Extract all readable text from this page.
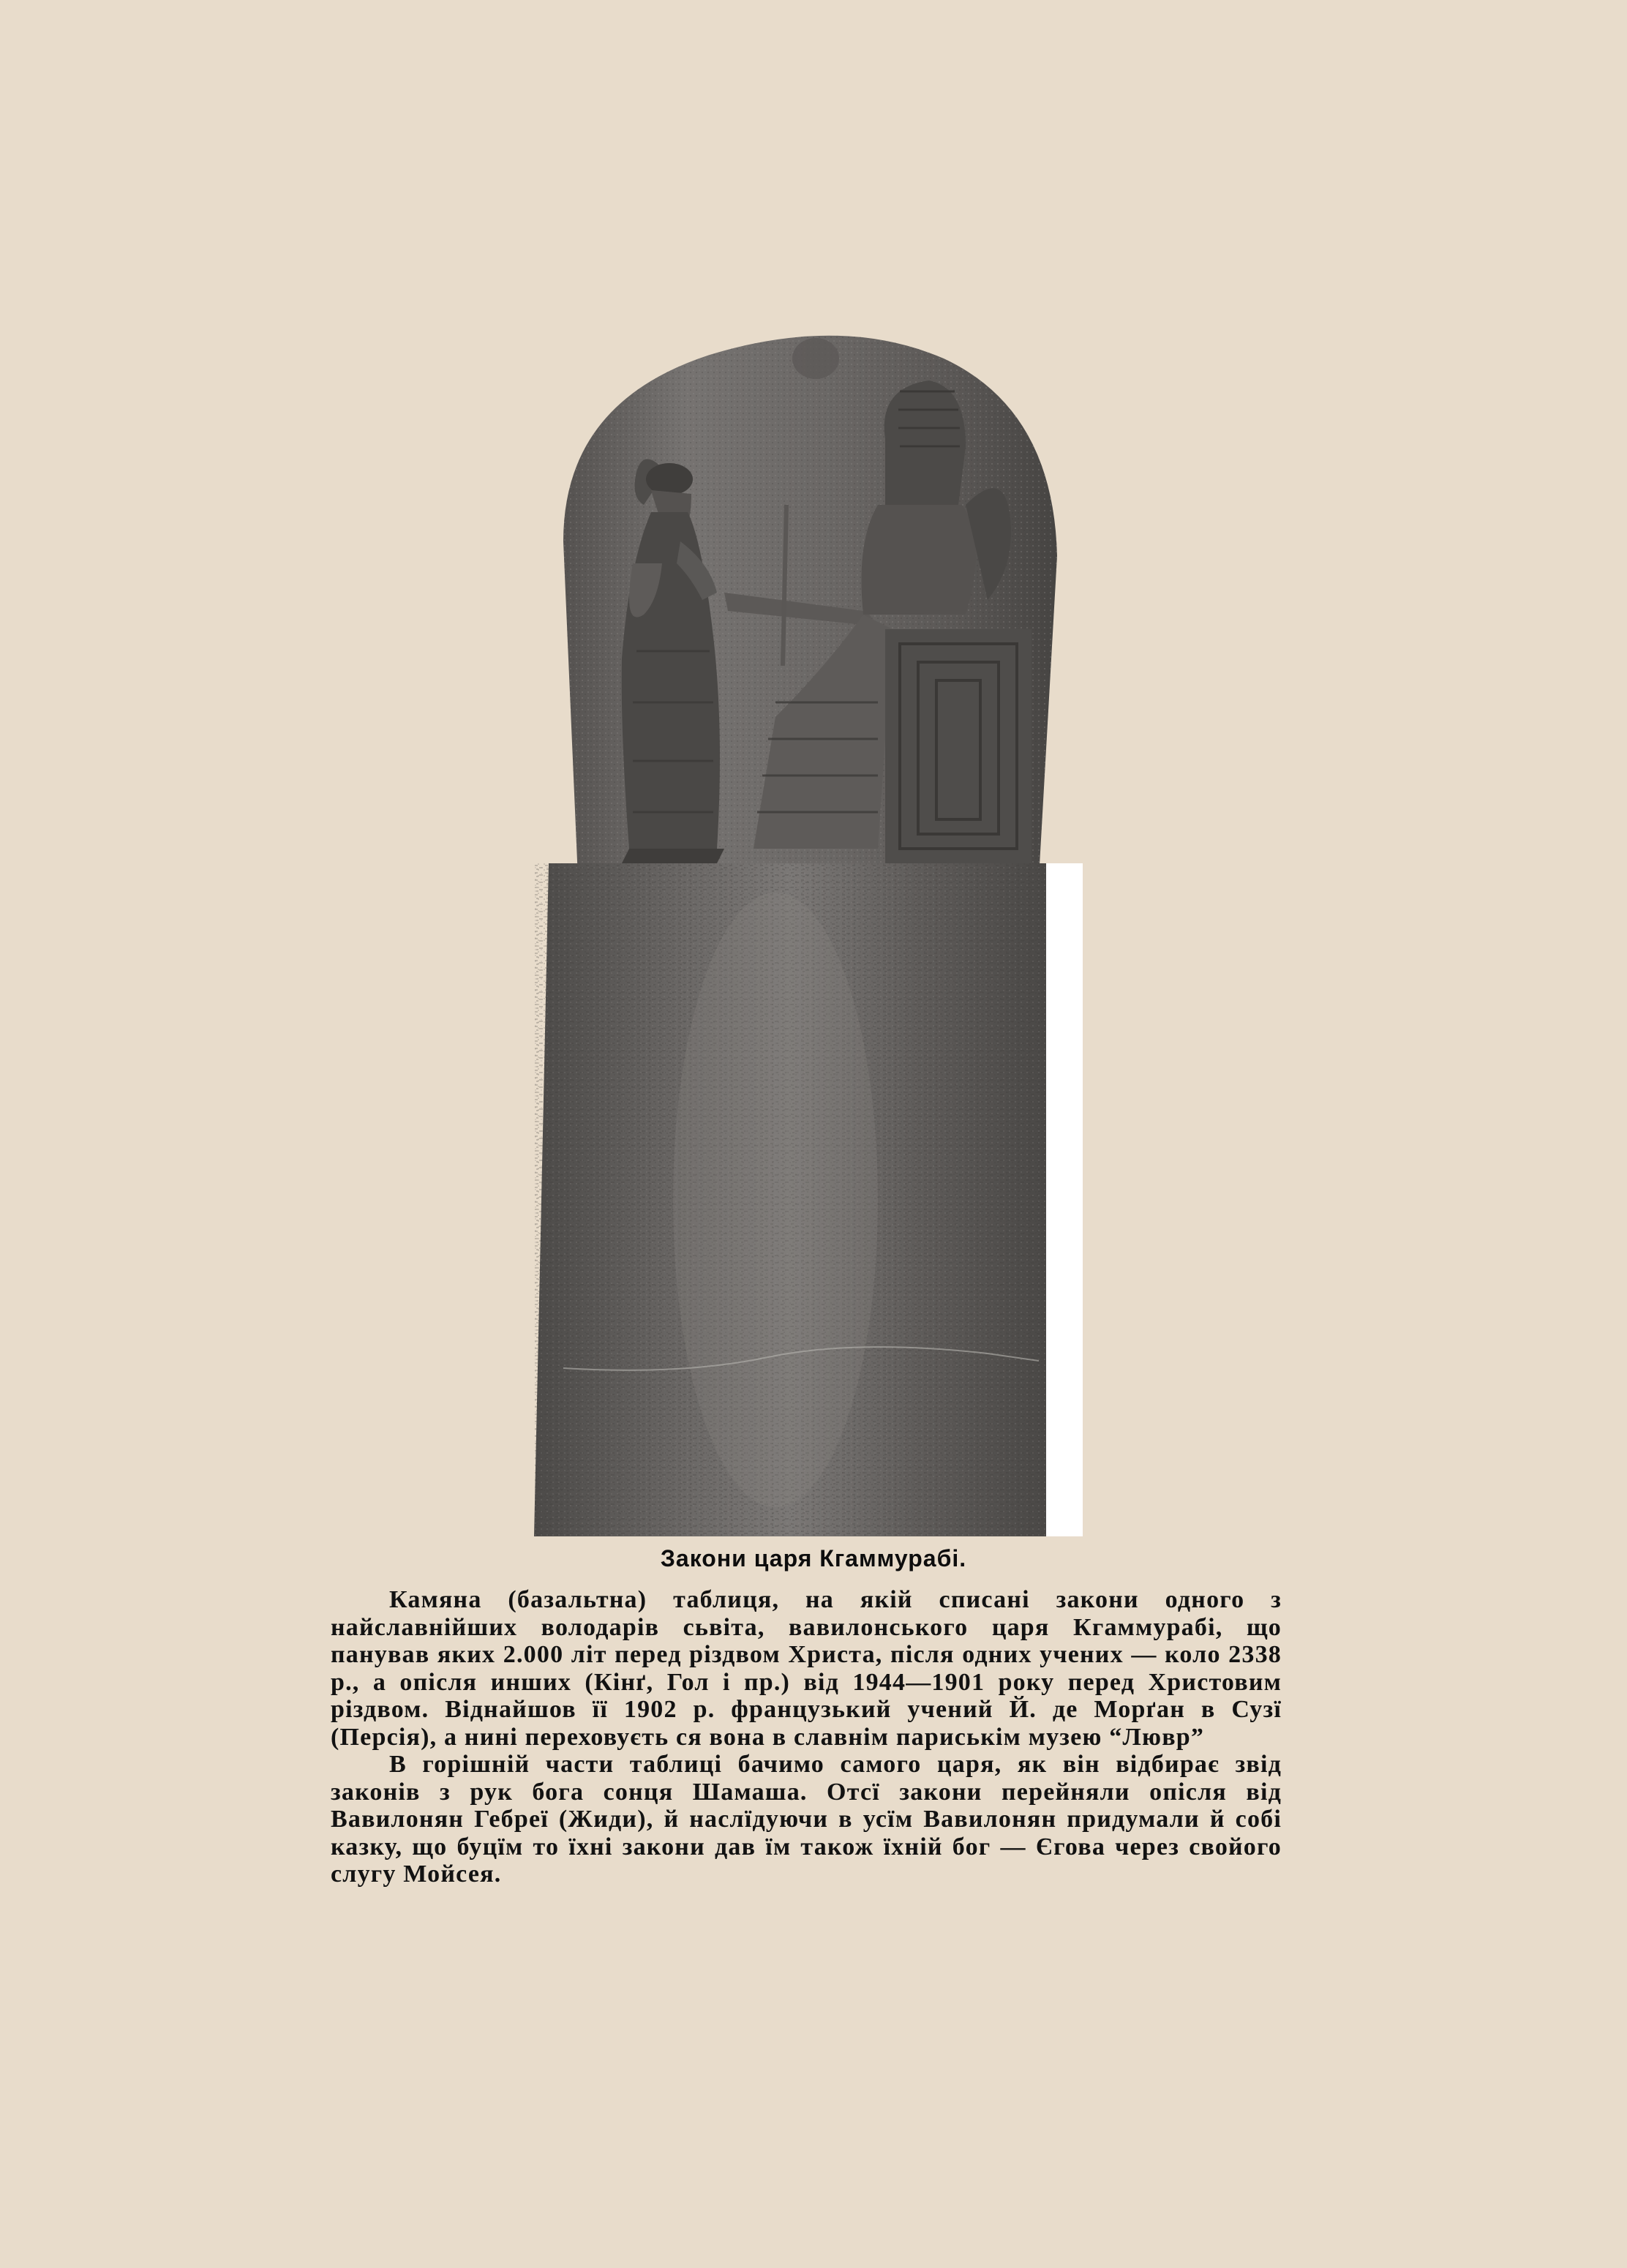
Закони царя Кгаммурабі.

Камяна (базальтна) таблиця, на якій списані закони одного з найславнійших володарів сьвіта, вавилонського царя Кгаммурабі, що панував яких 2.000 літ перед різдвом Христа, після одних учених — коло 2338 р., а опісля инших (Кінґ, Гол і пр.) від 1944—1901 року перед Христовим різдвом. Віднайшов її 1902 р. французький учений Й. де Морґан в Сузї (Персія), а нині переховуєть ся вона в славнім париськім музею “Лювр”

В горішній части таблиці бачимо самого царя, як він відбирає звід законів з рук бога сонця Шамаша. Отсї закони перейняли опісля від Вавилонян Гебреї (Жиди), й наслїдуючи в усїм Вавилонян придумали й собі казку, що буцїм то їхні закони дав їм також їхній бог — Єгова через свойого слугу Мойсея.
